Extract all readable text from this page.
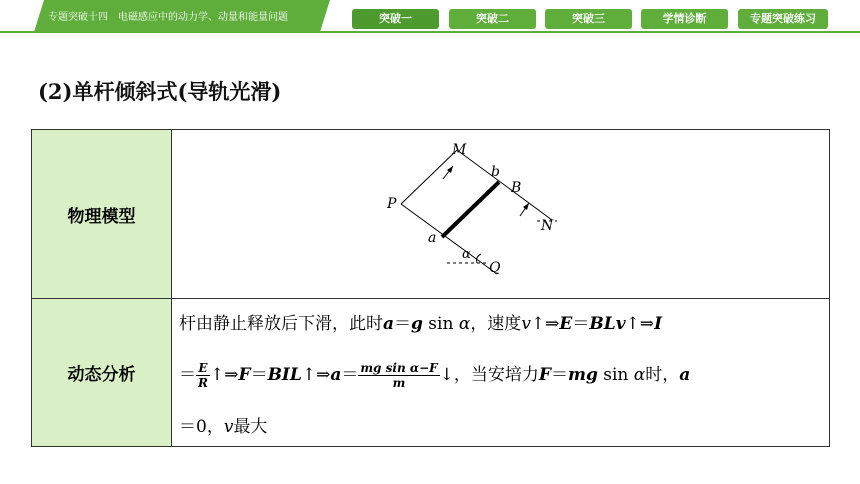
专题突破十四　电磁感应中的动力学、动量和能量问题	突破一	突破二	突破三	学情诊断	专题突破练习
(2)单杆倾斜式(导轨光滑)
物理模型
M
b
B
P
N
a
α
Q
动态分析
杆由静止释放后下滑，此时a＝g sin α，速度v↑⇒E＝BLv↑⇒I
＝ $\frac{E}{R}$ ↑⇒F＝BIL↑⇒a＝ $\frac{\text{mg sin α−F}}{m}$ ↓，当安培力F＝mg sin α时，a
＝0，v最大
